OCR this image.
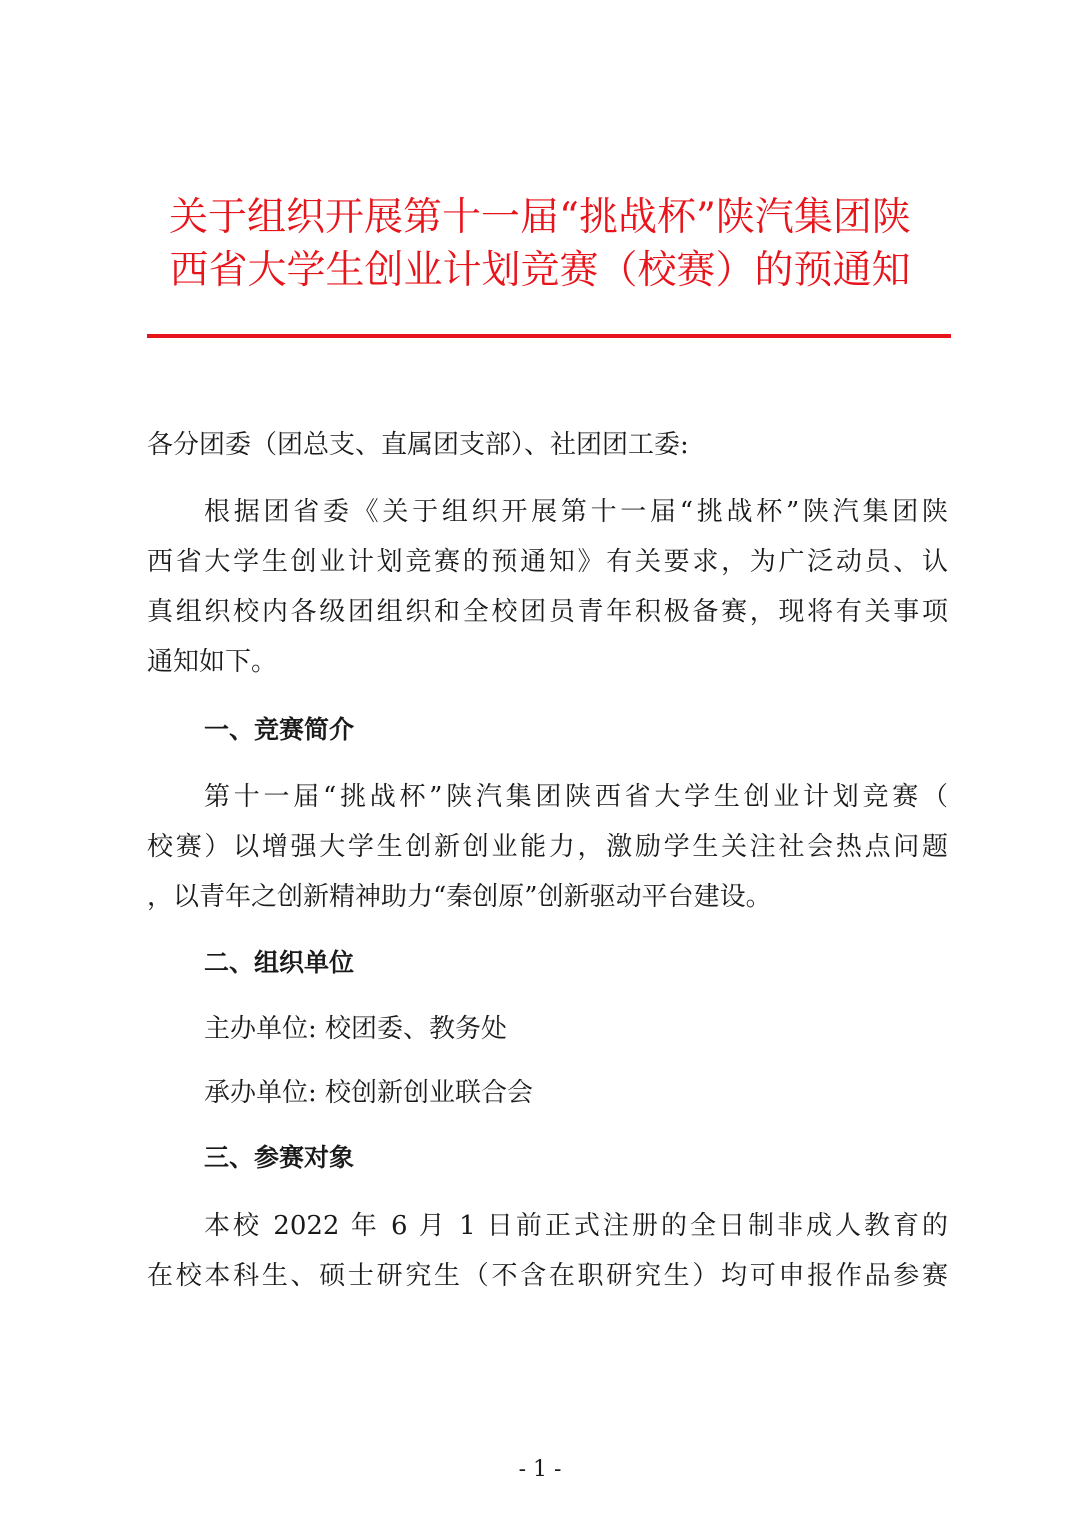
关于组织开展第十一届“挑战杯”陕汽集团陕
西省大学生创业计划竞赛（校赛）的预通知
各分团委（团总支、直属团支部）、社团团工委:
根据团省委《关于组织开展第十一届“挑战杯”陕汽集团陕
西省大学生创业计划竞赛的预通知》有关要求，为广泛动员、认
真组织校内各级团组织和全校团员青年积极备赛，现将有关事项
通知如下。
一、竞赛简介
第十一届“挑战杯”陕汽集团陕西省大学生创业计划竞赛（
校赛）以增强大学生创新创业能力，激励学生关注社会热点问题
，以青年之创新精神助力“秦创原”创新驱动平台建设。
二、组织单位
主办单位: 校团委、教务处
承办单位: 校创新创业联合会
三、参赛对象
本校 2022 年 6 月 1 日前正式注册的全日制非成人教育的
在校本科生、硕士研究生（不含在职研究生）均可申报作品参赛
- 1 -
